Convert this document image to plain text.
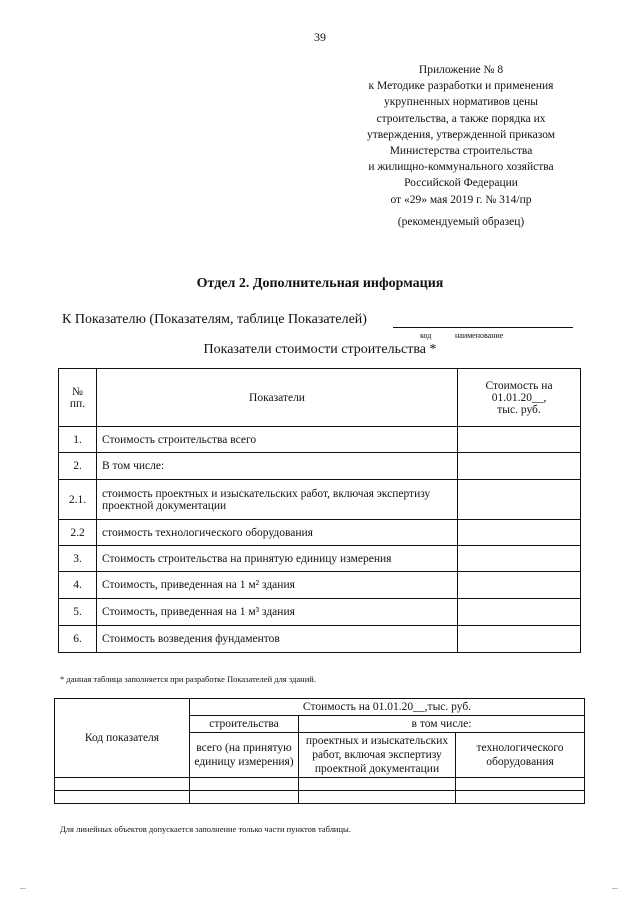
39
Приложение № 8
к Методике разработки и применения
укрупненных нормативов цены
строительства, а также порядка их
утверждения, утвержденной приказом
Министерства строительства
и жилищно-коммунального хозяйства
Российской Федерации
от «29» мая 2019 г. № 314/пр
(рекомендуемый образец)
Отдел 2. Дополнительная информация
К Показателю (Показателям, таблице Показателей)
код	наименование
Показатели стоимости строительства *
№ пп.	Показатели	Стоимость на
01.01.20__,
тыс. руб.

1.	Стоимость строительства всего	
2.	В том числе:	
2.1.	стоимость проектных и изыскательских работ, включая экспертизу проектной документации	
2.2	стоимость технологического оборудования	
3.	Стоимость строительства на принятую единицу измерения	
4.	Стоимость, приведенная на 1 м² здания	
5.	Стоимость, приведенная на 1 м³ здания	
6.	Стоимость возведения фундаментов	
* данная таблица заполняется при разработке Показателей для зданий.
Код показателя	Стоимость на 01.01.20__,тыс. руб.		
	строительства	в том числе:	
	всего (на принятую единицу измерения)	проектных и изыскательских работ, включая экспертизу проектной документации	технологического оборудования

Для линейных объектов допускается заполнение только части пунктов таблицы.
